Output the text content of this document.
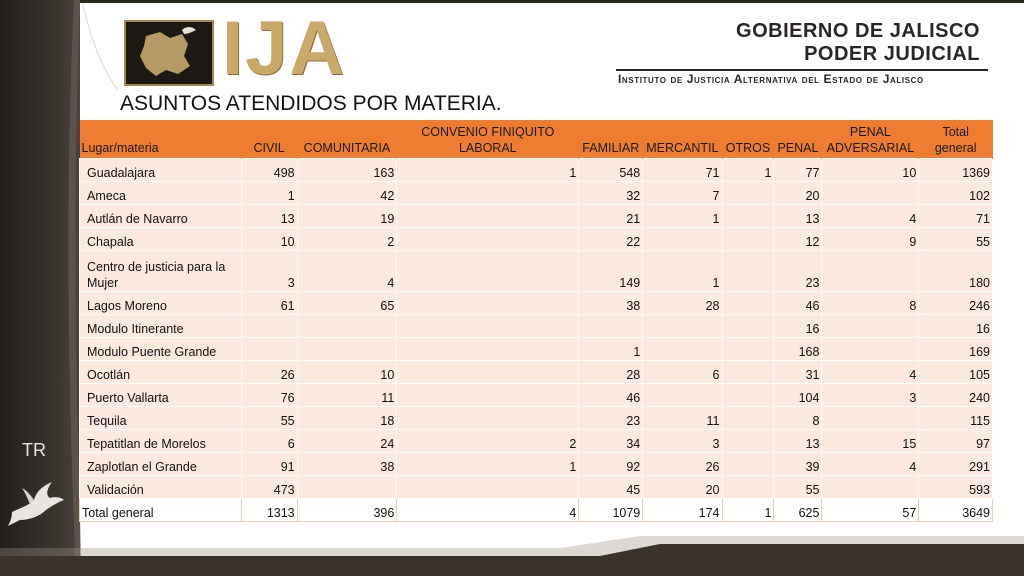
TR
IJA	GOBIERNO DE JALISCO
PODER JUDICIAL
Instituto de Justicia Alternativa del Estado de Jalisco
ASUNTOS ATENDIDOS POR MATERIA.
Lugar/materia	CIVIL	COMUNITARIA	CONVENIO FINIQUITO LABORAL	FAMILIAR	MERCANTIL	OTROS	PENAL	PENAL ADVERSARIAL	Total general
Guadalajara	498	163	1	548	71	1	77	10	1369
Ameca	1	42		32	7		20		102
Autlán de Navarro	13	19		21	1		13	4	71
Chapala	10	2		22			12	9	55
Centro de justicia para la Mujer	3	4		149	1		23		180
Lagos Moreno	61	65		38	28		46	8	246
Modulo Itinerante							16		16
Modulo Puente Grande				1			168		169
Ocotlán	26	10		28	6		31	4	105
Puerto Vallarta	76	11		46			104	3	240
Tequila	55	18		23	11		8		115
Tepatitlan de Morelos	6	24	2	34	3		13	15	97
Zaplotlan el Grande	91	38	1	92	26		39	4	291
Validación	473			45	20		55		593
Total general	1313	396	4	1079	174	1	625	57	3649
